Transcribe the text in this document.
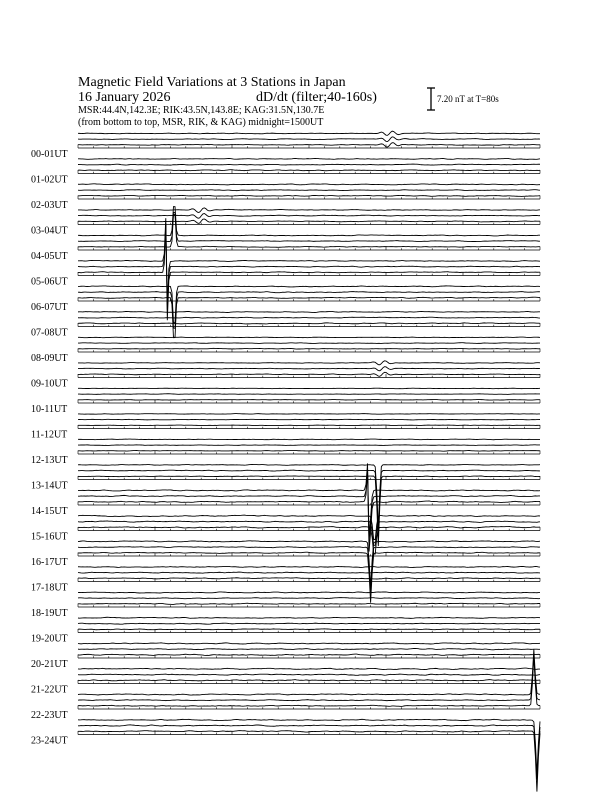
Magnetic Field Variations at 3 Stations in Japan
16 January 2026	dD/dt (filter;40-160s)
MSR:44.4N,142.3E; RIK:43.5N,143.8E; KAG:31.5N,130.7E
(from bottom to top, MSR, RIK, & KAG) midnight=1500UT
7.20 nT at T=80s
00-01UT
01-02UT
02-03UT
03-04UT
04-05UT
05-06UT
06-07UT
07-08UT
08-09UT
09-10UT
10-11UT
11-12UT
12-13UT
13-14UT
14-15UT
15-16UT
16-17UT
17-18UT
18-19UT
19-20UT
20-21UT
21-22UT
22-23UT
23-24UT
